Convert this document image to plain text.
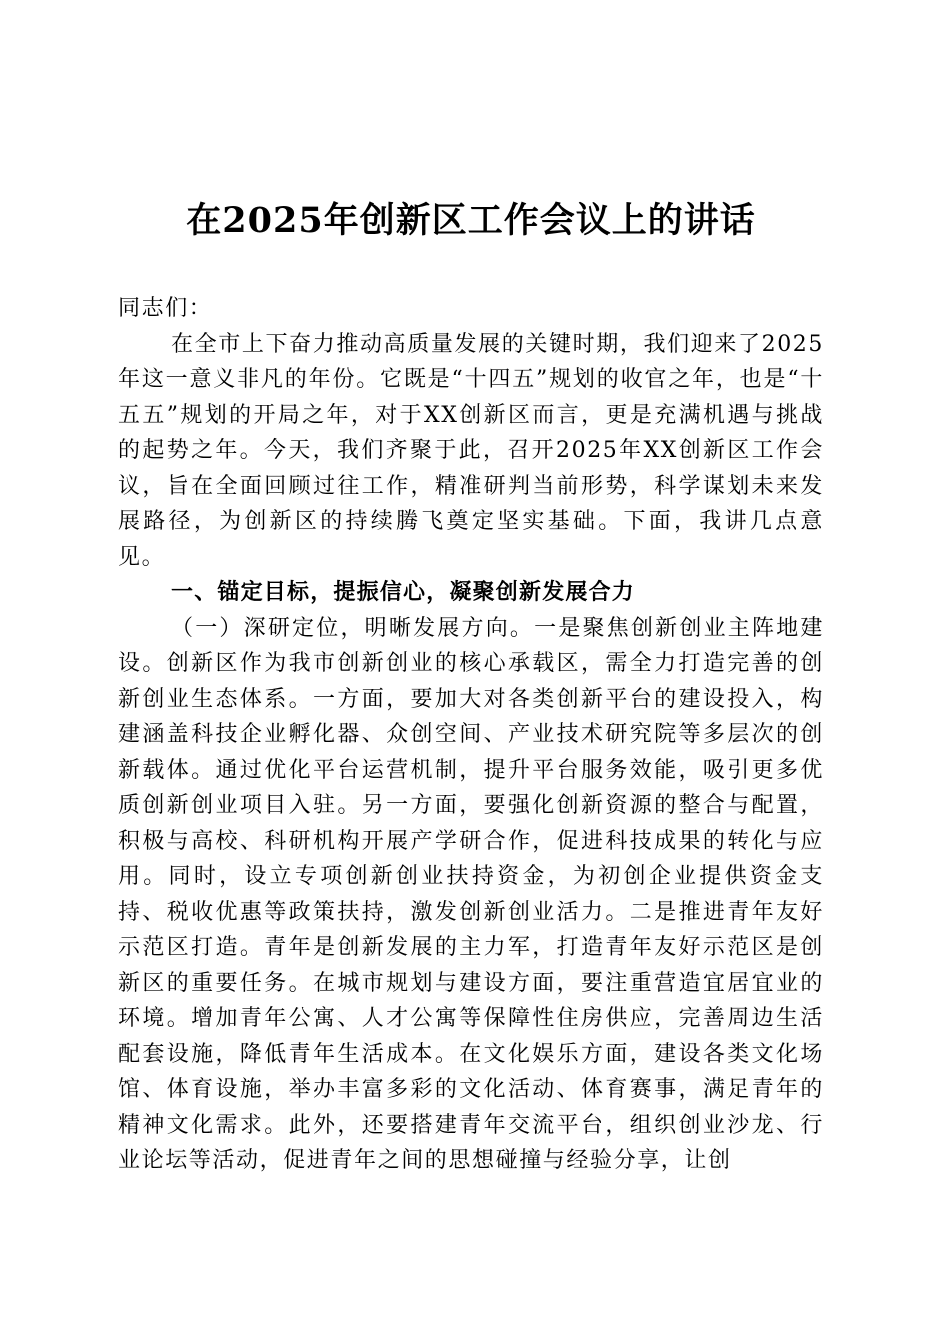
在2025年创新区工作会议上的讲话

同志们：

在全市上下奋力推动高质量发展的关键时期，我们迎来了2025年这一意义非凡的年份。它既是“十四五”规划的收官之年，也是“十五五”规划的开局之年，对于XX创新区而言，更是充满机遇与挑战的起势之年。今天，我们齐聚于此，召开2025年XX创新区工作会议，旨在全面回顾过往工作，精准研判当前形势，科学谋划未来发展路径，为创新区的持续腾飞奠定坚实基础。下面，我讲几点意见。

一、锚定目标，提振信心，凝聚创新发展合力

（一）深研定位，明晰发展方向。一是聚焦创新创业主阵地建设。创新区作为我市创新创业的核心承载区，需全力打造完善的创新创业生态体系。一方面，要加大对各类创新平台的建设投入，构建涵盖科技企业孵化器、众创空间、产业技术研究院等多层次的创新载体。通过优化平台运营机制，提升平台服务效能，吸引更多优质创新创业项目入驻。另一方面，要强化创新资源的整合与配置，积极与高校、科研机构开展产学研合作，促进科技成果的转化与应用。同时，设立专项创新创业扶持资金，为初创企业提供资金支持、税收优惠等政策扶持，激发创新创业活力。二是推进青年友好示范区打造。青年是创新发展的主力军，打造青年友好示范区是创新区的重要任务。在城市规划与建设方面，要注重营造宜居宜业的环境。增加青年公寓、人才公寓等保障性住房供应，完善周边生活配套设施，降低青年生活成本。在文化娱乐方面，建设各类文化场馆、体育设施，举办丰富多彩的文化活动、体育赛事，满足青年的精神文化需求。此外，还要搭建青年交流平台，组织创业沙龙、行业论坛等活动，促进青年之间的思想碰撞与经验分享，让创
